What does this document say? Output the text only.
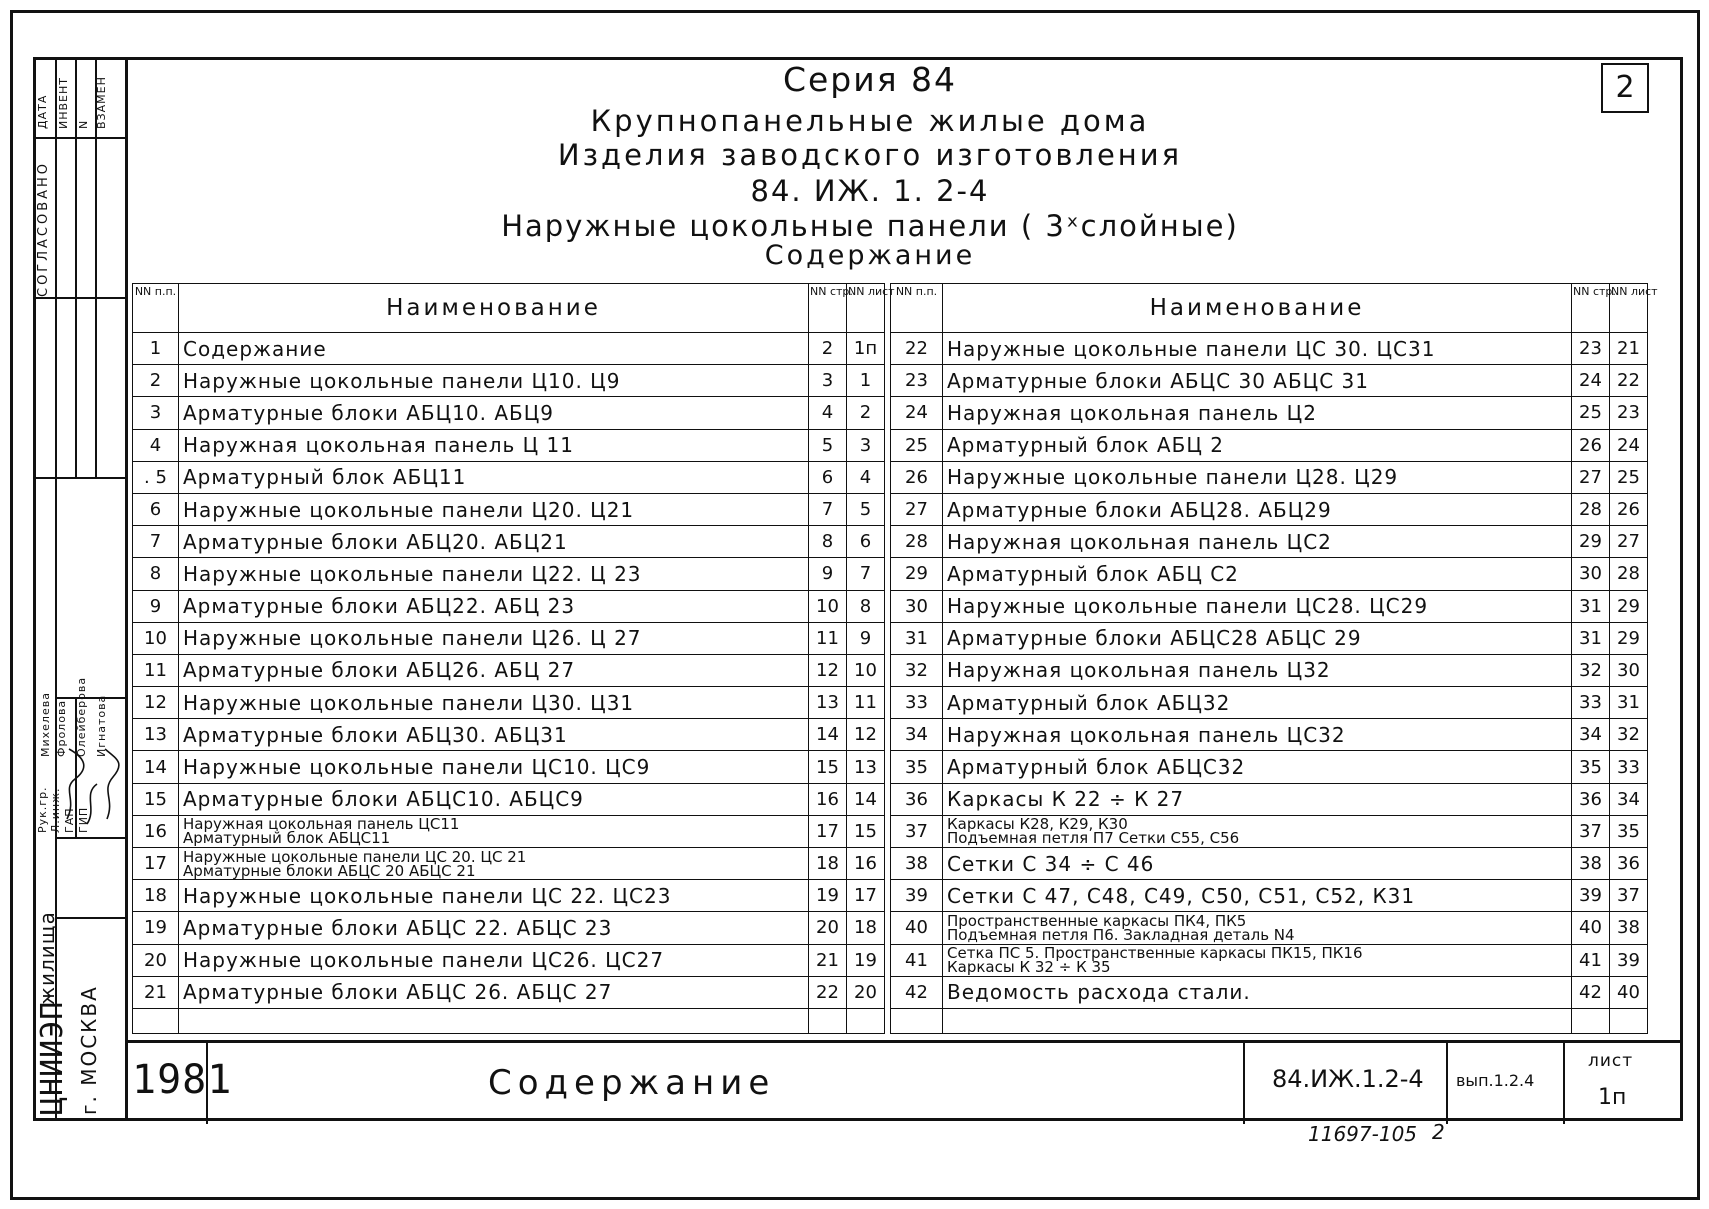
СОГЛАСОВАНО
ДАТА ИНВЕНТ N ВЗАМЕН
Рук.гр. Л.инж. ГАП ГИП
Михелева Фролова Олейберова Игнатова
ЦНИИЭП
жилища
г. МОСКВА
Серия 84
Крупнопанельные жилые дома
Изделия заводского изготовления
84. ИЖ. 1. 2-4
Наружные цокольные панели ( 3ˣслойные)
Содержание
2
NN п.п.	Наименование	NN стр.	NN лист
1	Содержание	2	1п
2	Наружные цокольные панели Ц10. Ц9	3	1
3	Арматурные блоки АБЦ10. АБЦ9	4	2
4	Наружная цокольная панель Ц 11	5	3
. 5	Арматурный блок АБЦ11	6	4
6	Наружные цокольные панели Ц20. Ц21	7	5
7	Арматурные блоки АБЦ20. АБЦ21	8	6
8	Наружные цокольные панели Ц22. Ц 23	9	7
9	Арматурные блоки АБЦ22. АБЦ 23	10	8
10	Наружные цокольные панели Ц26. Ц 27	11	9
11	Арматурные блоки АБЦ26. АБЦ 27	12	10
12	Наружные цокольные панели Ц30. Ц31	13	11
13	Арматурные блоки АБЦ30. АБЦ31	14	12
14	Наружные цокольные панели ЦС10. ЦС9	15	13
15	Арматурные блоки АБЦС10. АБЦС9	16	14
16	Наружная цокольная панель ЦС11
Арматурный блок АБЦС11	17	15
17	Наружные цокольные панели ЦС 20. ЦС 21
Арматурные блоки АБЦС 20 АБЦС 21	18	16
18	Наружные цокольные панели ЦС 22. ЦС23	19	17
19	Арматурные блоки АБЦС 22. АБЦС 23	20	18
20	Наружные цокольные панели ЦС26. ЦС27	21	19
21	Арматурные блоки АБЦС 26. АБЦС 27	22	20

NN п.п.	Наименование	NN стр.	NN лист
22	Наружные цокольные панели ЦС 30. ЦС31	23	21
23	Арматурные блоки АБЦС 30 АБЦС 31	24	22
24	Наружная цокольная панель Ц2	25	23
25	Арматурный блок АБЦ 2	26	24
26	Наружные цокольные панели Ц28. Ц29	27	25
27	Арматурные блоки АБЦ28. АБЦ29	28	26
28	Наружная цокольная панель ЦС2	29	27
29	Арматурный блок АБЦ С2	30	28
30	Наружные цокольные панели ЦС28. ЦС29	31	29
31	Арматурные блоки АБЦС28 АБЦС 29	31	29
32	Наружная цокольная панель Ц32	32	30
33	Арматурный блок АБЦ32	33	31
34	Наружная цокольная панель ЦС32	34	32
35	Арматурный блок АБЦС32	35	33
36	Каркасы К 22 ÷ К 27	36	34
37	Каркасы К28, К29, К30
Подъемная петля П7 Сетки С55, С56	37	35
38	Сетки С 34 ÷ С 46	38	36
39	Сетки С 47, С48, С49, С50, С51, С52, К31	39	37
40	Пространственные каркасы ПК4, ПК5
Подъемная петля П6. Закладная деталь N4	40	38
41	Сетка ПС 5. Пространственные каркасы ПК15, ПК16
Каркасы К 32 ÷ К 35	41	39
42	Ведомость расхода стали.	42	40

1981	Содержание	84.ИЖ.1.2-4 вып.1.2.4
лист
1п
11697-105 2
